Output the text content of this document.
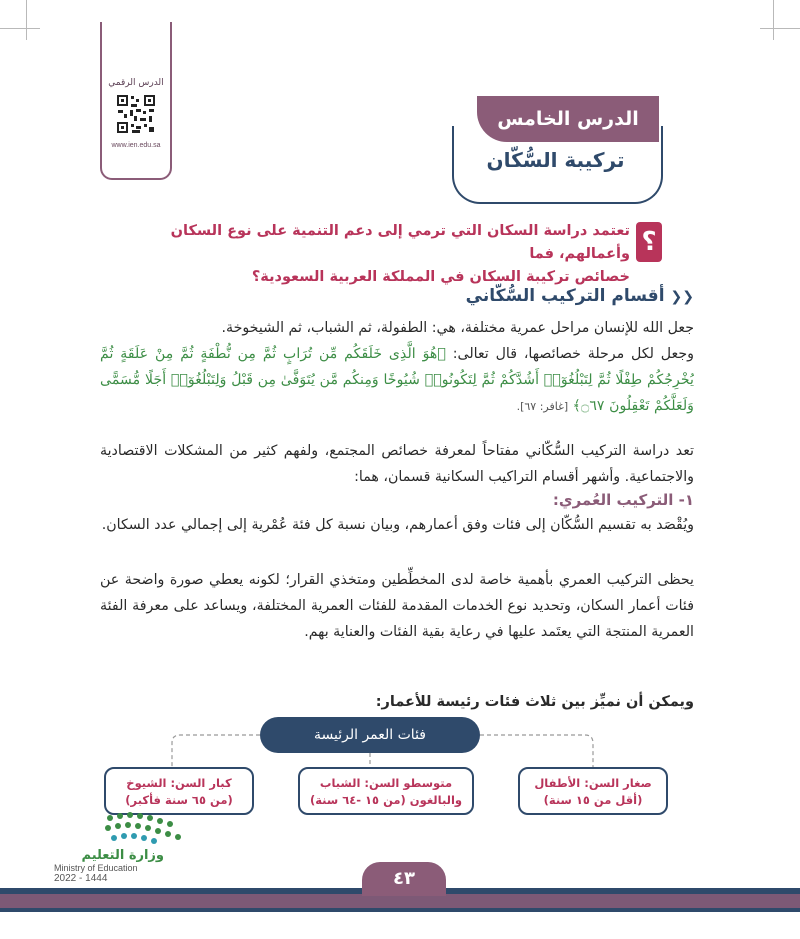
الدرس الرقمي
www.ien.edu.sa
الدرس الخامس
تركيبة السُّكّان
؟
تعتمد دراسة السكان التي ترمي إلى دعم التنمية على نوع السكان وأعمالهم، فما
خصائص تركيبة السكان في المملكة العربية السعودية؟
❮❮أقسام التركيب السُّكّاني
جعل الله للإنسان مراحل عمرية مختلفة، هي: الطفولة، ثم الشباب، ثم الشيخوخة.
وجعل لكل مرحلة خصائصها، قال تعالى: ﴿هُوَ الَّذِى خَلَقَكُم مِّن تُرَابٍ ثُمَّ مِن نُّطْفَةٍ ثُمَّ مِنْ عَلَقَةٍ ثُمَّ يُخْرِجُكُمْ طِفْلًا ثُمَّ لِتَبْلُغُوٓا۟ أَشُدَّكُمْ ثُمَّ لِتَكُونُوا۟ شُيُوخًا وَمِنكُم مَّن يُتَوَفَّىٰ مِن قَبْلُ وَلِتَبْلُغُوٓا۟ أَجَلًا مُّسَمًّى وَلَعَلَّكُمْ تَعْقِلُونَ ۝٦٧﴾ [غافر: ٦٧].
تعد دراسة التركيب السُّكّاني مفتاحاً لمعرفة خصائص المجتمع، ولفهم كثير من المشكلات الاقتصادية والاجتماعية. وأشهر أقسام التراكيب السكانية قسمان، هما:
١- التركيب العُمري:
ويُقْصَد به تقسيم السُّكّان إلى فئات وفق أعمارهم، وبيان نسبة كل فئة عُمْرية إلى إجمالي عدد السكان.
يحظى التركيب العمري بأهمية خاصة لدى المخطِّطين ومتخذي القرار؛ لكونه يعطي صورة واضحة عن فئات أعمار السكان، وتحديد نوع الخدمات المقدمة للفئات العمرية المختلفة، ويساعد على معرفة الفئة العمرية المنتجة التي يعتَمد عليها في رعاية بقية الفئات والعناية بهم.
ويمكن أن نميِّز بين ثلاث فئات رئيسة للأعمار:
فئات العمر الرئيسة
صغار السن: الأطفال
(أقل من ١٥ سنة)
متوسطو السن: الشباب
والبالغون (من ١٥ -٦٤ سنة)
كبار السن: الشيوخ
(من ٦٥ سنة فأكبر)
وزارة التعليم
Ministry of Education
2022 - 1444	٤٣
